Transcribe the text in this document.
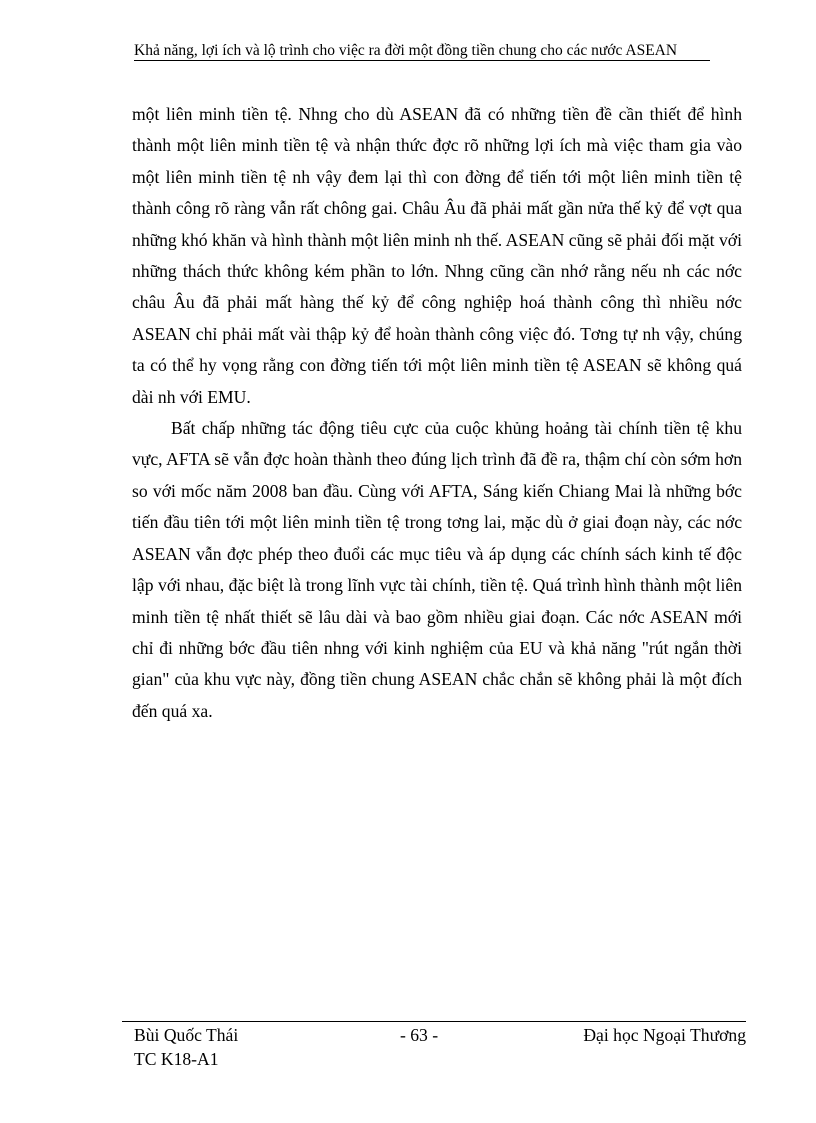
Khả năng, lợi ích và lộ trình cho việc ra đời một đồng tiền chung cho các nước ASEAN

một liên minh tiền tệ. Nhng cho dù ASEAN đã có những tiền đề cần thiết để hình thành một liên minh tiền tệ và nhận thức đợc rõ những lợi ích mà việc tham gia vào một liên minh tiền tệ nh vậy đem lại thì con đờng để tiến tới một liên minh tiền tệ thành công rõ ràng vẫn rất chông gai. Châu Âu đã phải mất gần nửa thế kỷ để vợt qua những khó khăn và hình thành một liên minh nh thế. ASEAN cũng sẽ phải đối mặt với những thách thức không kém phần to lớn. Nhng cũng cần nhớ rằng nếu nh các nớc châu Âu đã phải mất hàng thế kỷ để công nghiệp hoá thành công thì nhiều nớc ASEAN chỉ phải mất vài thập kỷ để hoàn thành công việc đó. Tơng tự nh vậy, chúng ta có thể hy vọng rằng con đờng tiến tới một liên minh tiền tệ ASEAN sẽ không quá dài nh với EMU.

Bất chấp những tác động tiêu cực của cuộc khủng hoảng tài chính tiền tệ khu vực, AFTA sẽ vẫn đợc hoàn thành theo đúng lịch trình đã đề ra, thậm chí còn sớm hơn so với mốc năm 2008 ban đầu. Cùng với AFTA, Sáng kiến Chiang Mai là những bớc tiến đầu tiên tới một liên minh tiền tệ trong tơng lai, mặc dù ở giai đoạn này, các nớc ASEAN vẫn đợc phép theo đuổi các mục tiêu và áp dụng các chính sách kinh tế độc lập với nhau, đặc biệt là trong lĩnh vực tài chính, tiền tệ. Quá trình hình thành một liên minh tiền tệ nhất thiết sẽ lâu dài và bao gồm nhiều giai đoạn. Các nớc ASEAN mới chỉ đi những bớc đầu tiên nhng với kinh nghiệm của EU và khả năng "rút ngắn thời gian" của khu vực này, đồng tiền chung ASEAN chắc chắn sẽ không phải là một đích đến quá xa.

Bùi Quốc Thái
TC K18-A1
- 63 -	Đại học Ngoại Thương
